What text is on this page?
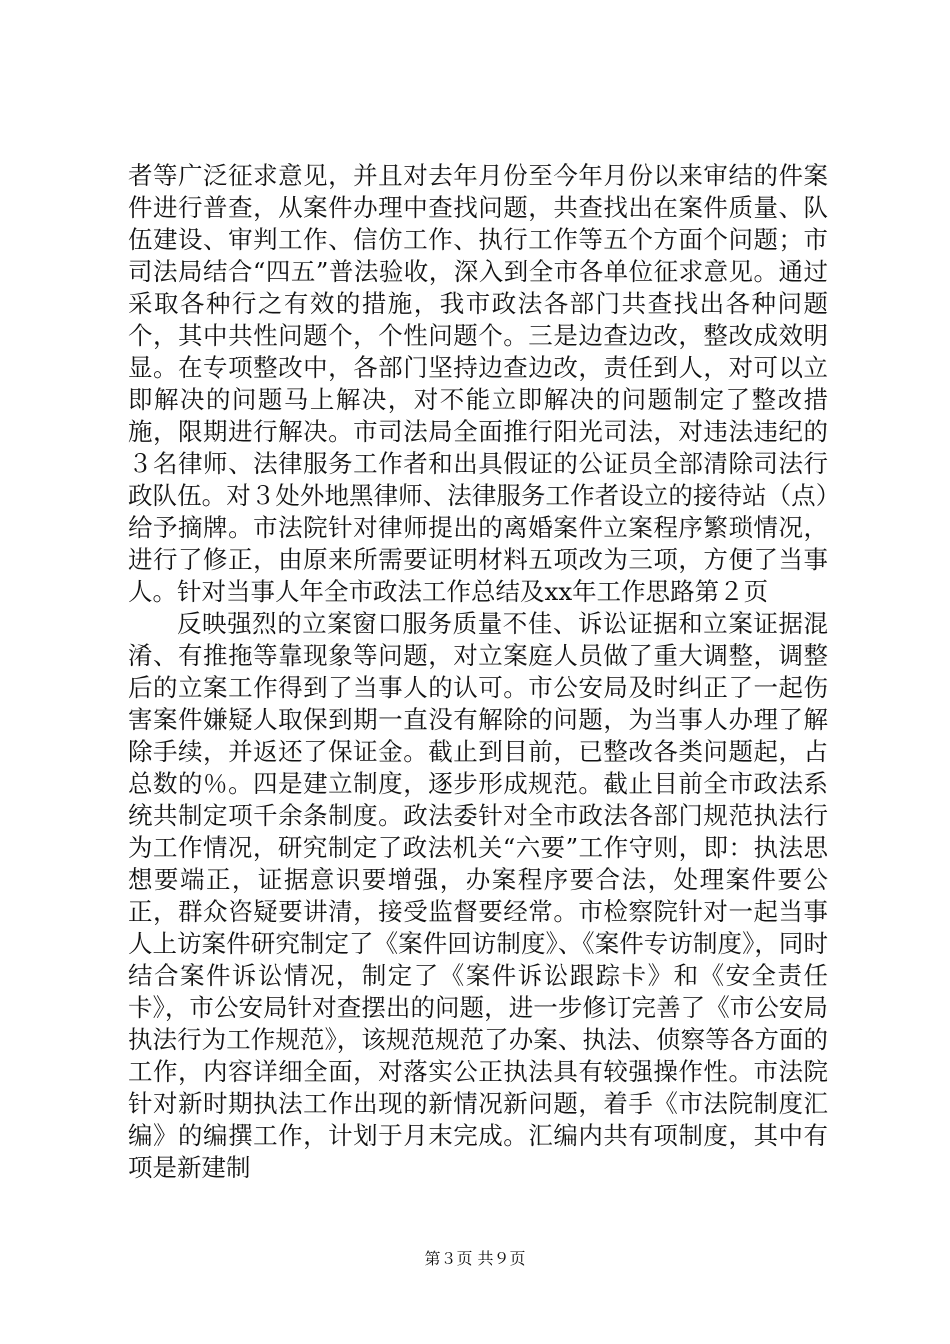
者等广泛征求意见，并且对去年月份至今年月份以来审结的件案件进行普查，从案件办理中查找问题，共查找出在案件质量、队伍建设、审判工作、信仿工作、执行工作等五个方面个问题；市司法局结合“四五”普法验收，深入到全市各单位征求意见。通过采取各种行之有效的措施，我市政法各部门共查找出各种问题个，其中共性问题个，个性问题个。三是边查边改，整改成效明显。在专项整改中，各部门坚持边查边改，责任到人，对可以立即解决的问题马上解决，对不能立即解决的问题制定了整改措施，限期进行解决。市司法局全面推行阳光司法，对违法违纪的３名律师、法律服务工作者和出具假证的公证员全部清除司法行政队伍。对３处外地黑律师、法律服务工作者设立的接待站（点）给予摘牌。市法院针对律师提出的离婚案件立案程序繁琐情况，进行了修正，由原来所需要证明材料五项改为三项，方便了当事人。针对当事人年全市政法工作总结及xx年工作思路第２页

反映强烈的立案窗口服务质量不佳、诉讼证据和立案证据混淆、有推拖等靠现象等问题，对立案庭人员做了重大调整，调整后的立案工作得到了当事人的认可。市公安局及时纠正了一起伤害案件嫌疑人取保到期一直没有解除的问题，为当事人办理了解除手续，并返还了保证金。截止到目前，已整改各类问题起，占总数的％。四是建立制度，逐步形成规范。截止目前全市政法系统共制定项千余条制度。政法委针对全市政法各部门规范执法行为工作情况，研究制定了政法机关“六要”工作守则，即：执法思想要端正，证据意识要增强，办案程序要合法，处理案件要公正，群众咨疑要讲清，接受监督要经常。市检察院针对一起当事人上访案件研究制定了《案件回访制度》、《案件专访制度》，同时结合案件诉讼情况，制定了《案件诉讼跟踪卡》和《安全责任卡》，市公安局针对查摆出的问题，进一步修订完善了《市公安局执法行为工作规范》，该规范规范了办案、执法、侦察等各方面的工作，内容详细全面，对落实公正执法具有较强操作性。市法院针对新时期执法工作出现的新情况新问题，着手《市法院制度汇编》的编撰工作，计划于月末完成。汇编内共有项制度，其中有项是新建制

第３页 共９页
